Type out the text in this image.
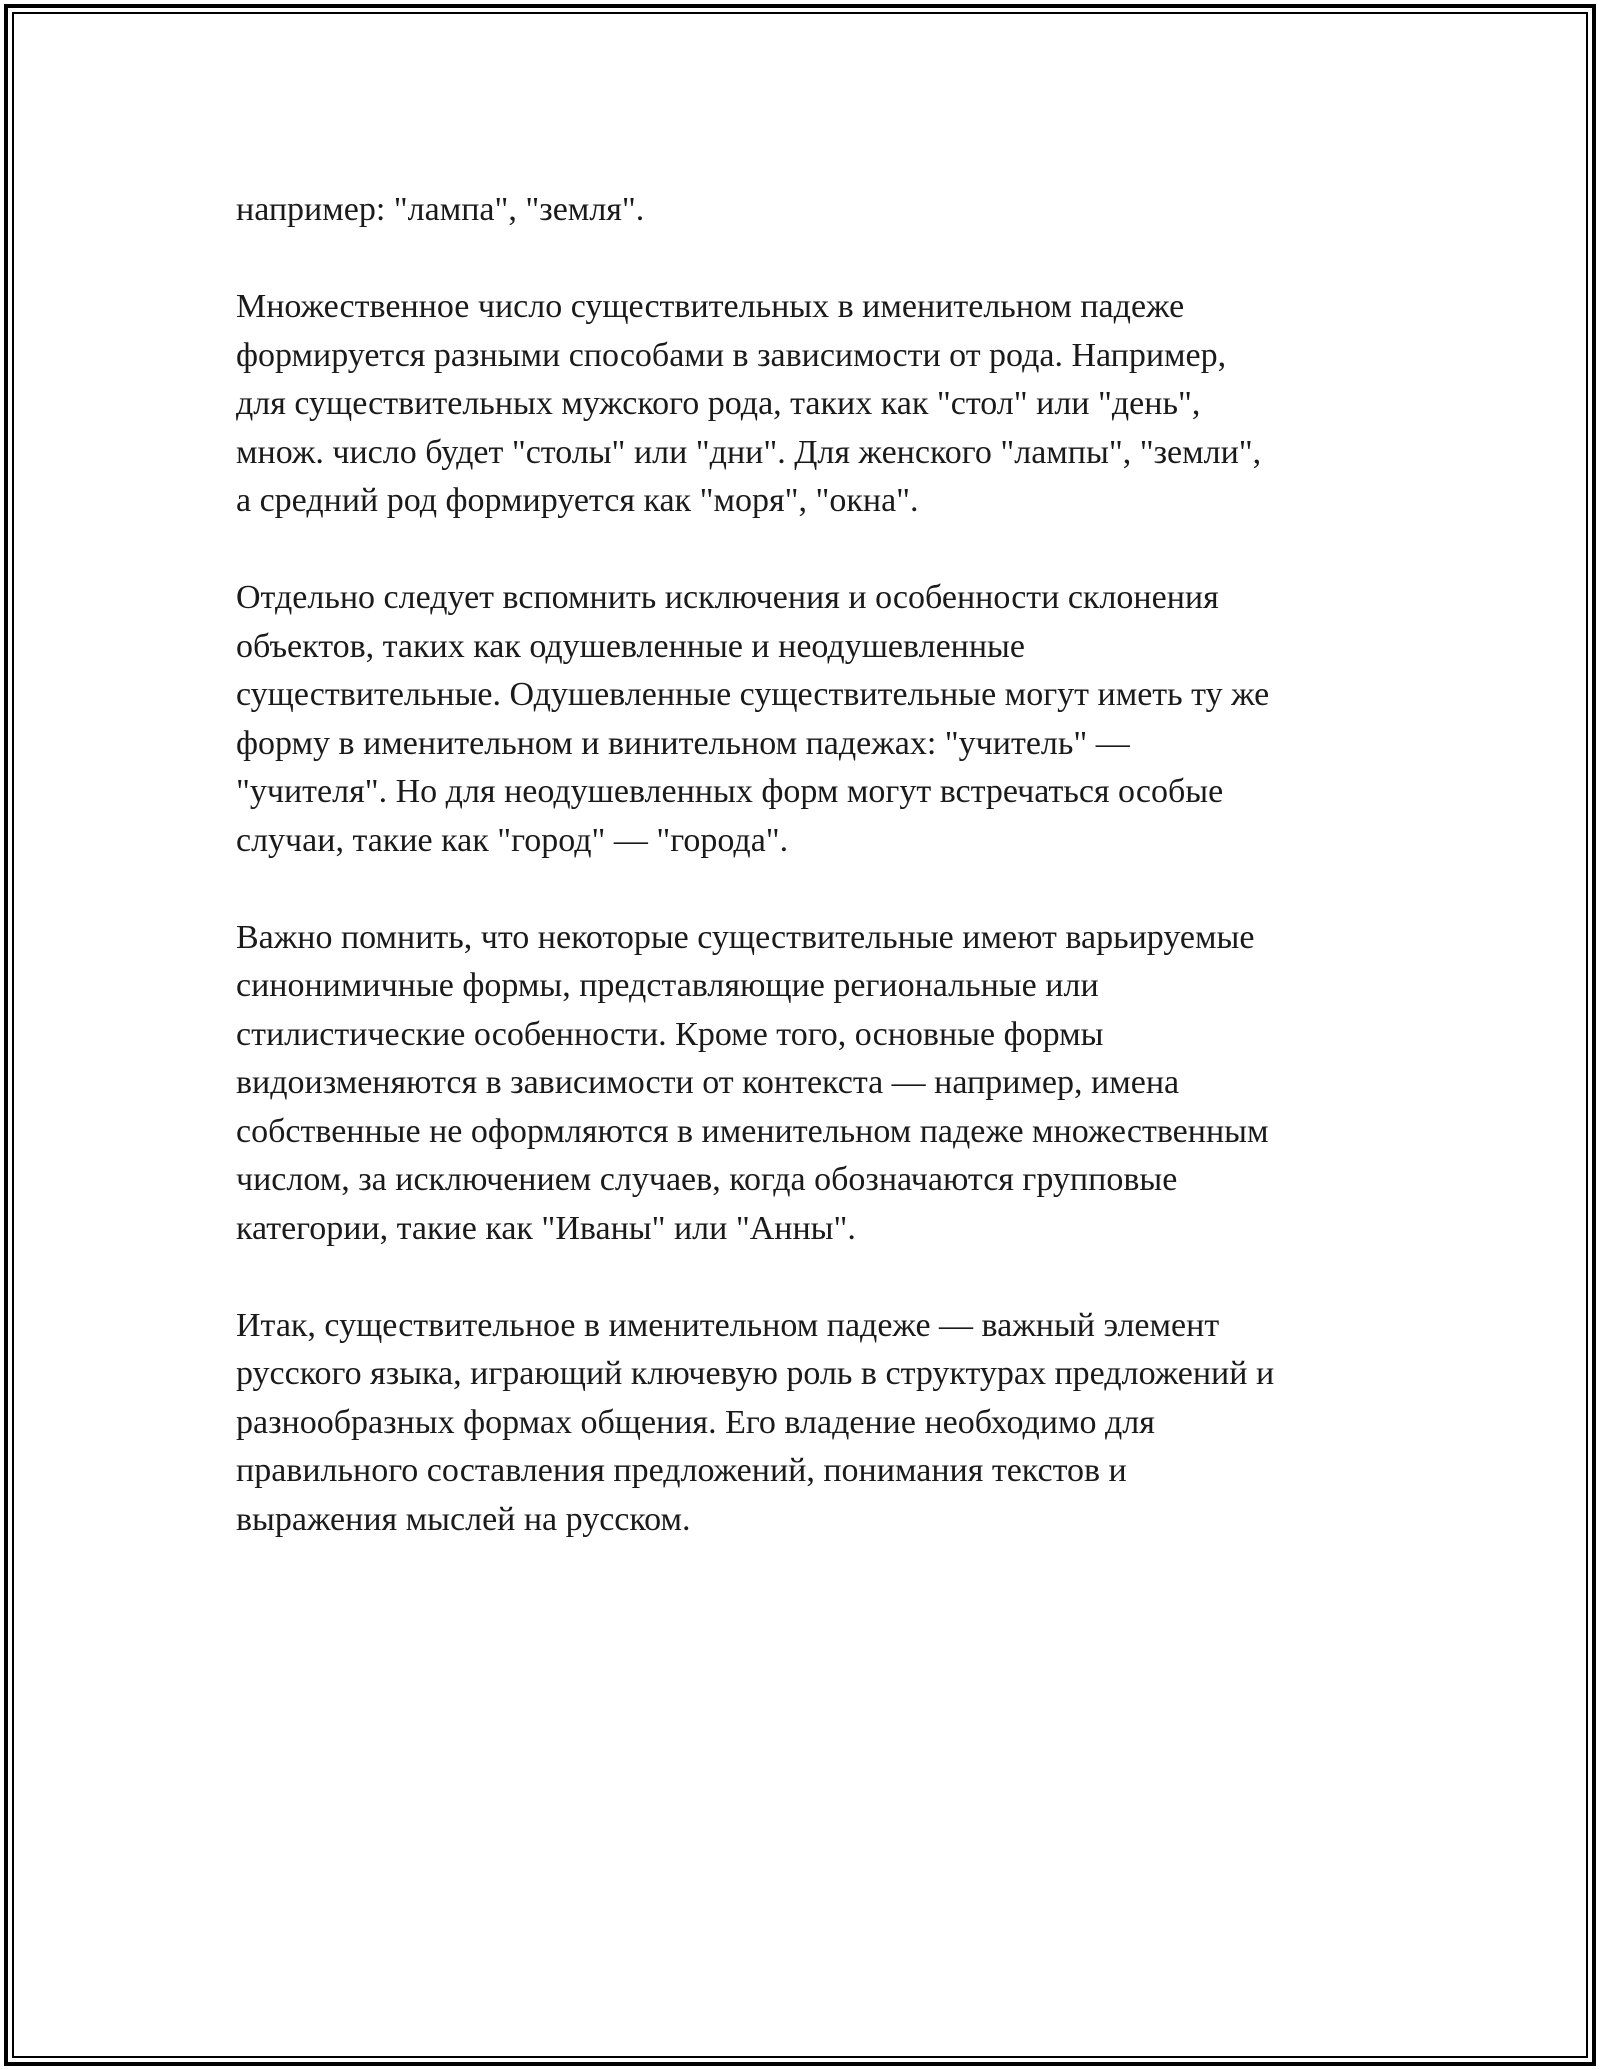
например: "лампа", "земля".

Множественное число существительных в именительном падеже
формируется разными способами в зависимости от рода. Например,
для существительных мужского рода, таких как "стол" или "день",
множ. число будет "столы" или "дни". Для женского "лампы", "земли",
а средний род формируется как "моря", "окна".

Отдельно следует вспомнить исключения и особенности склонения
объектов, таких как одушевленные и неодушевленные
существительные. Одушевленные существительные могут иметь ту же
форму в именительном и винительном падежах: "учитель" —
"учителя". Но для неодушевленных форм могут встречаться особые
случаи, такие как "город" — "города".

Важно помнить, что некоторые существительные имеют варьируемые
синонимичные формы, представляющие региональные или
стилистические особенности. Кроме того, основные формы
видоизменяются в зависимости от контекста — например, имена
собственные не оформляются в именительном падеже множественным
числом, за исключением случаев, когда обозначаются групповые
категории, такие как "Иваны" или "Анны".

Итак, существительное в именительном падеже — важный элемент
русского языка, играющий ключевую роль в структурах предложений и
разнообразных формах общения. Его владение необходимо для
правильного составления предложений, понимания текстов и
выражения мыслей на русском.
